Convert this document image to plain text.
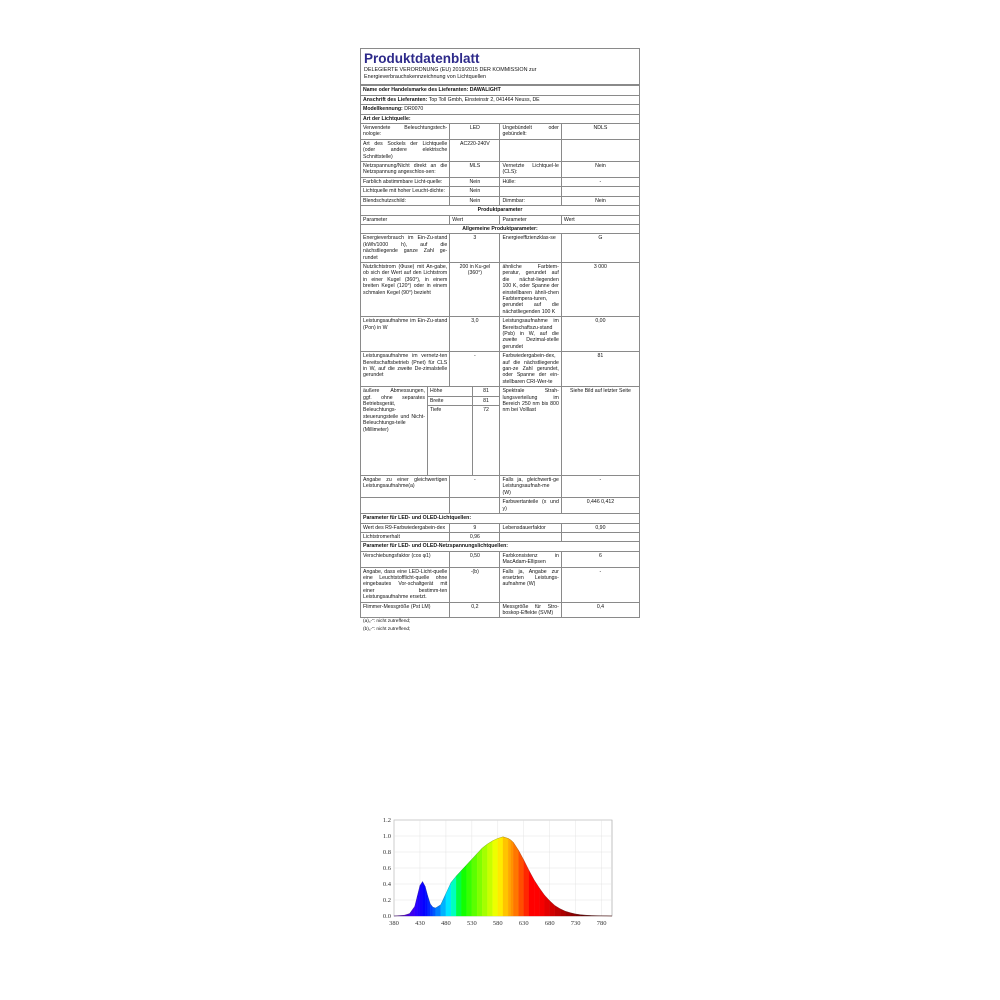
Produktdatenblatt
DELEGIERTE VERORDNUNG (EU) 2019/2015 DER KOMMISSION zur
Energieverbrauchskennzeichnung von Lichtquellen
Name oder Handelsmarke des Lieferanten: DAWALIGHT					
Anschrift des Lieferanten: Top Toll Gmbh, Einsteinstr 2, 041464 Neuss, DE					
Modellkennung: DR0070					
Art der Lichtquelle:					
Verwendete Beleuchtungstech-nologie:		LED		Ungebündelt oder gebündelt:	NDLS
Art des Sockels der Lichtquelle (oder andere elektrische Schnittstelle)		AC220-240V			
Netzspannung/Nicht direkt an die Netzspannung angeschlos-sen:		MLS		Vernetzte Lichtquel-le (CLS):	Nein
Farblich abstimmbare Licht-quelle:		Nein		Hülle:	-
Lichtquelle mit hoher Leucht-dichte:		Nein			
Blendschutzschild:		Nein		Dimmbar:	Nein
Produktparameter					
Parameter		Wert		Parameter	Wert
Allgemeine Produktparameter:					
Energieverbrauch im Ein-Zu-stand (kWh/1000 h), auf die nächstliegende ganze Zahl ge-rundet		3		Energieeffizienzklas-se	G
Nutzlichtstrom (Φuse) mit An-gabe, ob sich der Wert auf den Lichtstrom in einer Kugel (360°), in einem breiten Kegel (120°) oder in einem schmalen Kegel (90°) bezieht		200 in Ku-gel (360°)		ähnliche Farbtem-peratur, gerundet auf die nächst-liegenden 100 K, oder Spanne der einstellbaren ähnli-chen Farbtempera-turen, gerundet auf die nächstliegenden 100 K	3 000
Leistungsaufnahme im Ein-Zu-stand (Pon) in W		3,0		Leistungsaufnahme im Bereitschaftszu-stand (Psb) in W, auf die zweite Dezimal-stelle gerundet	0,00
Leistungsaufnahme im vernetz-ten Bereitschaftsbetrieb (Pnet) für CLS in W, auf die zweite De-zimalstelle gerundet		-		Farbwiedergabein-dex, auf die nächstliegende gan-ze Zahl gerundet, oder Spanne der ein-stellbaren CRI-Wer-te	81
äußere Abmessungen, ggf. ohne separates Betriebsgerät, Beleuchtungs-steuerungsteile und Nicht-Beleuchtungs-teile (Millimeter)	Höhe		81	Spektrale Strah-lungsverteilung im Bereich 250 nm bis 800 nm bei Volllast	Siehe Bild auf letzter Seite
	Breite		81		
	Tiefe		72		
Angabe zu einer gleichwertigen Leistungsaufnahme(a)		-		Falls ja, gleichwerti-ge Leistungsaufnah-me (W)	-
				Farbwertanteile (x und y)	0,446 0,412
Parameter für LED- und OLED-Lichtquellen:					
Wert des R9-Farbwiedergabein-dex		9		Lebensdauerfaktor	0,90
Lichtstromerhalt		0,96			
Parameter für LED- und OLED-Netzspannungslichtquellen:					
Verschiebungsfaktor (cos φ1)		0,50		Farbkonsistenz in MacAdam-Ellipsen	6
Angabe, dass eine LED-Licht-quelle eine Leuchtstofflicht-quelle ohne eingebautes Vor-schaltgerät mit einer bestimm-ten Leistungsaufnahme ersetzt.		-(b)		Falls ja, Angabe zur ersetzten Leistungs-aufnahme (W)	-
Flimmer-Messgröße (Pst LM)		0,2		Messgröße für Stro-boskop-Effekte (SVM)	0,4
(a)„-“: nicht zutreffend;
(b)„-“: nicht zutreffend;
0.0
0.2
0.4
0.6
0.8
1.0
1.2
380 430 480 530 580 630 680 730 780
